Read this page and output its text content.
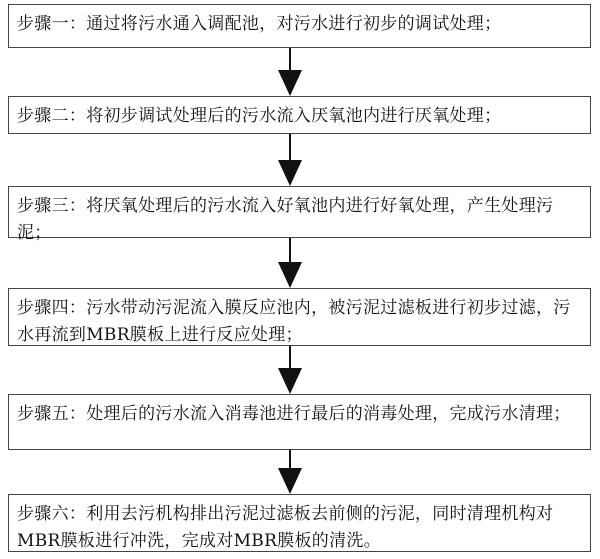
步骤一：通过将污水通入调配池，对污水进行初步的调试处理；
步骤二：将初步调试处理后的污水流入厌氧池内进行厌氧处理；
步骤三：将厌氧处理后的污水流入好氧池内进行好氧处理，产生处理污泥；
步骤四：污水带动污泥流入膜反应池内，被污泥过滤板进行初步过滤，污水再流到MBR膜板上进行反应处理；
步骤五：处理后的污水流入消毒池进行最后的消毒处理，完成污水清理；
步骤六：利用去污机构排出污泥过滤板去前侧的污泥，同时清理机构对MBR膜板进行冲洗，完成对MBR膜板的清洗。
